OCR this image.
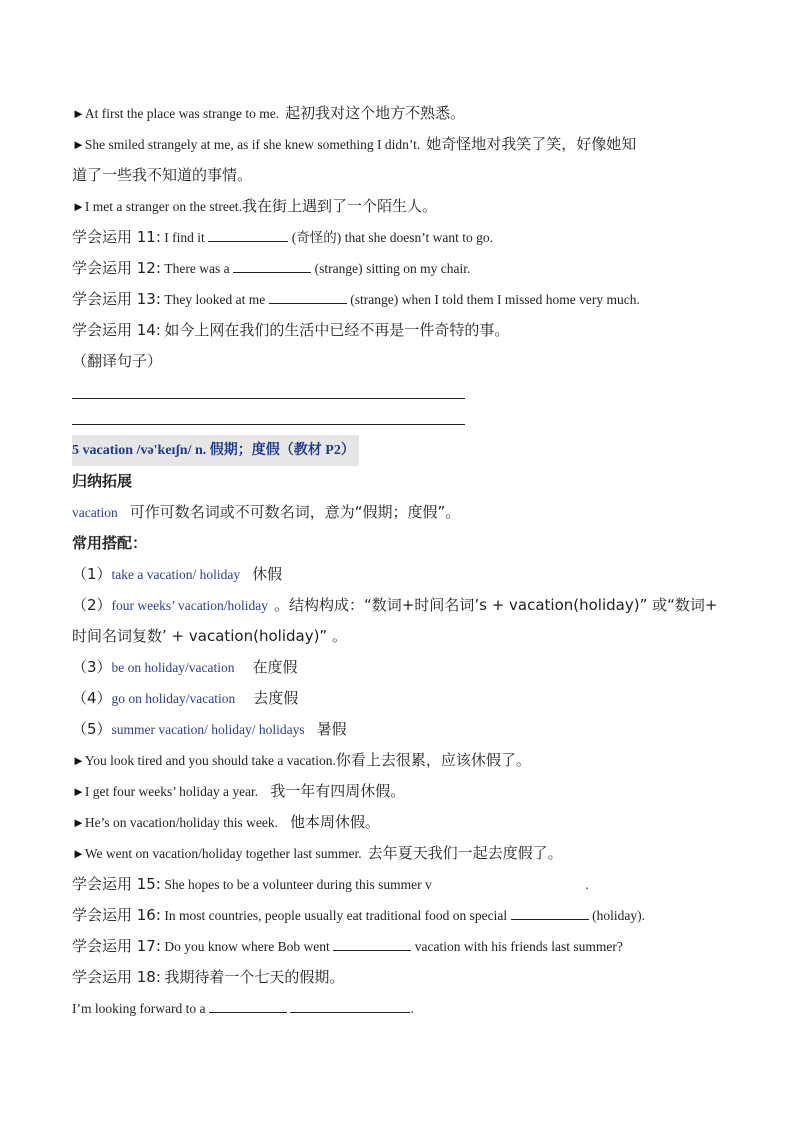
►At first the place was strange to me. 起初我对这个地方不熟悉。
►She smiled strangely at me, as if she knew something I didn’t. 她奇怪地对我笑了笑，好像她知
道了一些我不知道的事情。
►I met a stranger on the street.我在街上遇到了一个陌生人。
学会运用 11: I find it	(奇怪的) that she doesn’t want to go.
学会运用 12: There was a	(strange) sitting on my chair.
学会运用 13: They looked at me	(strange) when I told them I missed home very much.
学会运用 14: 如今上网在我们的生活中已经不再是一件奇特的事。
（翻译句子）
5 vacation /və'keɪʃn/ n. 假期；度假（教材 P2）
归纳拓展
vacation 可作可数名词或不可数名词，意为“假期；度假”。
常用搭配：
（1）take a vacation/ holiday 休假
（2）four weeks’ vacation/holiday 。结构构成：“数词+时间名词’s + vacation(holiday)” 或“数词+
时间名词复数’ + vacation(holiday)” 。
（3）be on holiday/vacation 在度假
（4）go on holiday/vacation 去度假
（5）summer vacation/ holiday/ holidays 暑假
►You look tired and you should take a vacation.你看上去很累，应该休假了。
►I get four weeks’ holiday a year. 我一年有四周休假。
►He’s on vacation/holiday this week. 他本周休假。
►We went on vacation/holiday together last summer. 去年夏天我们一起去度假了。
学会运用 15: She hopes to be a volunteer during this summer v	.
学会运用 16: In most countries, people usually eat traditional food on special	(holiday).
学会运用 17: Do you know where Bob went	vacation with his friends last summer?
学会运用 18: 我期待着一个七天的假期。
I’m looking forward to a	.
